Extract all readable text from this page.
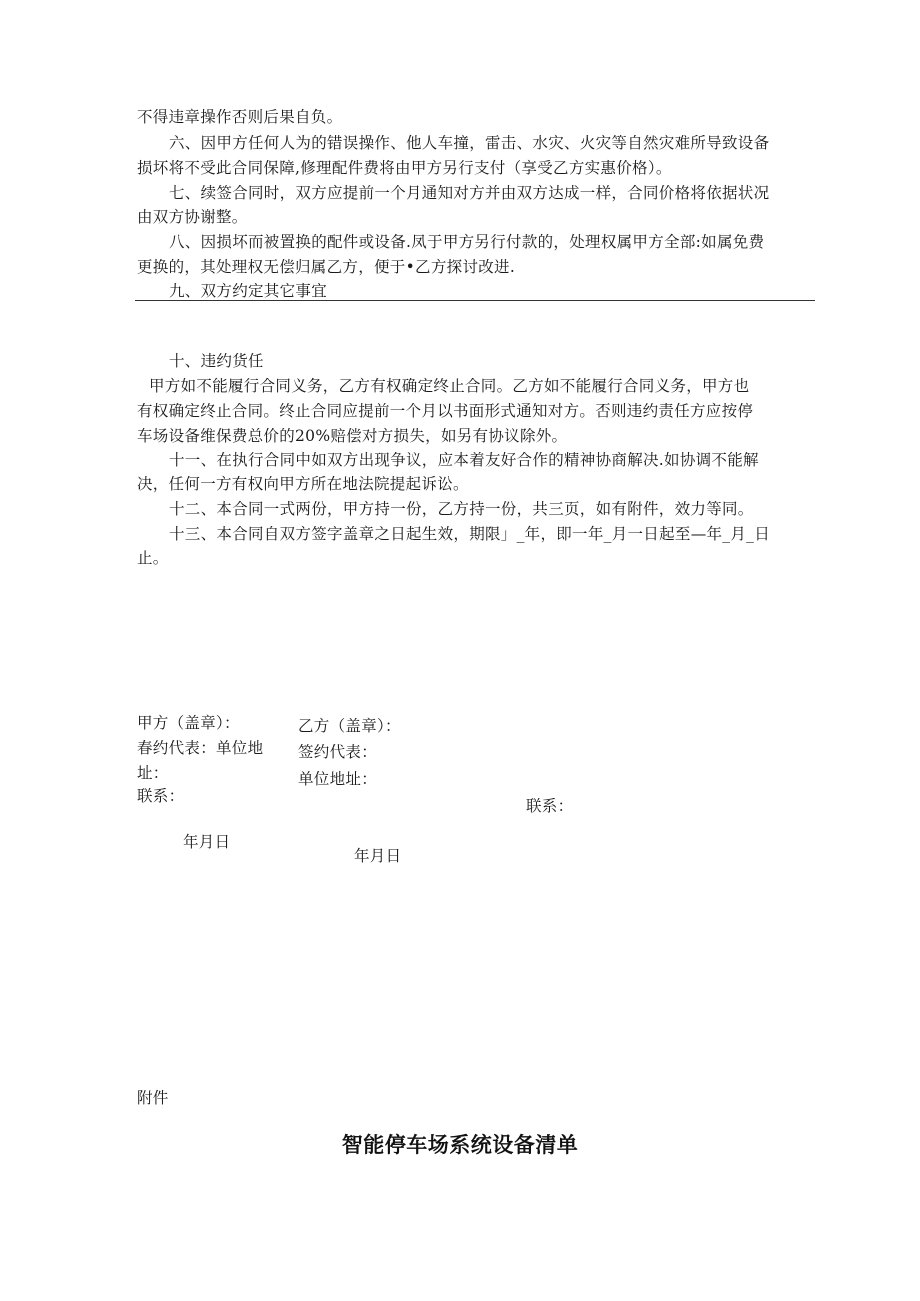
不得违章操作否则后果自负。
六、因甲方任何人为的错误操作、他人车撞，雷击、水灾、火灾等自然灾难所导致设备
损坏将不受此合同保障,修理配件费将由甲方另行支付（享受乙方实惠价格）。
七、续签合同时，双方应提前一个月通知对方并由双方达成一样，合同价格将依据状况
由双方协谢整。
八、因损坏而被置换的配件或设备.凤于甲方另行付款的，处理权属甲方全部:如属免费
更换的，其处理权无偿归属乙方，便于•乙方探讨改进.
九、双方约定其它事宜
十、违约货任
甲方如不能履行合同义务，乙方有权确定终止合同。乙方如不能履行合同义务，甲方也
有权确定终止合同。终止合同应提前一个月以书面形式通知对方。否则违约责任方应按停
车场设备维保费总价的20%赔偿对方损失，如另有协议除外。
十一、在执行合同中如双方出现争议，应本着友好合作的精神协商解决.如协调不能解
决，任何一方有权向甲方所在地法院提起诉讼。
十二、本合同一式两份，甲方持一份，乙方持一份，共三页，如有附件，效力等同。
十三、本合同自双方签字盖章之日起生效，期限」_年，即一年_月一日起至—年_月_日
止。
甲方（盖章）：
春约代表：单位地
址：
联系：
年月日
乙方（盖章）：
签约代表：
单位地址：
联系：
年月日
附件
智能停车场系统设备清单
